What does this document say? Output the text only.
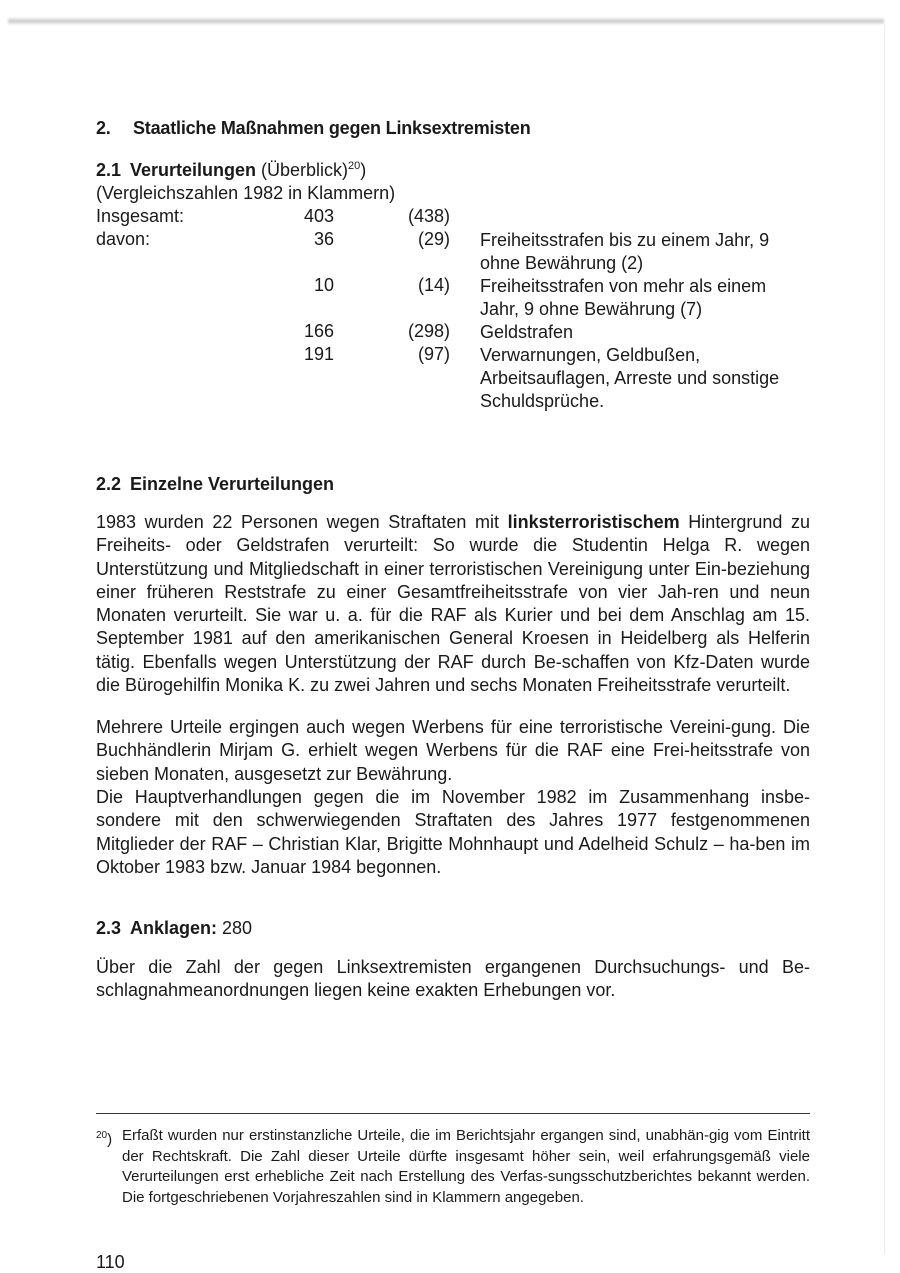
2. Staatliche Maßnahmen gegen Linksextremisten
2.1 Verurteilungen (Überblick)$^{20}$)
(Vergleichszahlen 1982 in Klammern)
Insgesamt:	403	(438)
davon:	36	(29) Freiheitsstrafen bis zu einem Jahr, 9 ohne Bewährung (2)
10	(14) Freiheitsstrafen von mehr als einem Jahr, 9 ohne Bewährung (7)
166	(298) Geldstrafen
191	(97) Verwarnungen, Geldbußen, Arbeitsauflagen, Arreste und sonstige Schuldsprüche.
2.2 Einzelne Verurteilungen
1983 wurden 22 Personen wegen Straftaten mit linksterroristischem Hintergrund zu Freiheits- oder Geldstrafen verurteilt: So wurde die Studentin Helga R. wegen Unterstützung und Mitgliedschaft in einer terroristischen Vereinigung unter Ein-beziehung einer früheren Reststrafe zu einer Gesamtfreiheitsstrafe von vier Jah-ren und neun Monaten verurteilt. Sie war u. a. für die RAF als Kurier und bei dem Anschlag am 15. September 1981 auf den amerikanischen General Kroesen in Heidelberg als Helferin tätig. Ebenfalls wegen Unterstützung der RAF durch Be-schaffen von Kfz-Daten wurde die Bürogehilfin Monika K. zu zwei Jahren und sechs Monaten Freiheitsstrafe verurteilt.
Mehrere Urteile ergingen auch wegen Werbens für eine terroristische Vereini-gung. Die Buchhändlerin Mirjam G. erhielt wegen Werbens für die RAF eine Frei-heitsstrafe von sieben Monaten, ausgesetzt zur Bewährung.
Die Hauptverhandlungen gegen die im November 1982 im Zusammenhang insbe-sondere mit den schwerwiegenden Straftaten des Jahres 1977 festgenommenen Mitglieder der RAF – Christian Klar, Brigitte Mohnhaupt und Adelheid Schulz – ha-ben im Oktober 1983 bzw. Januar 1984 begonnen.
2.3 Anklagen: 280
Über die Zahl der gegen Linksextremisten ergangenen Durchsuchungs- und Be-schlagnahmeanordnungen liegen keine exakten Erhebungen vor.
$^{20}$) Erfaßt wurden nur erstinstanzliche Urteile, die im Berichtsjahr ergangen sind, unabhän-gig vom Eintritt der Rechtskraft. Die Zahl dieser Urteile dürfte insgesamt höher sein, weil erfahrungsgemäß viele Verurteilungen erst erhebliche Zeit nach Erstellung des Verfas-sungsschutzberichtes bekannt werden. Die fortgeschriebenen Vorjahreszahlen sind in Klammern angegeben.
110
